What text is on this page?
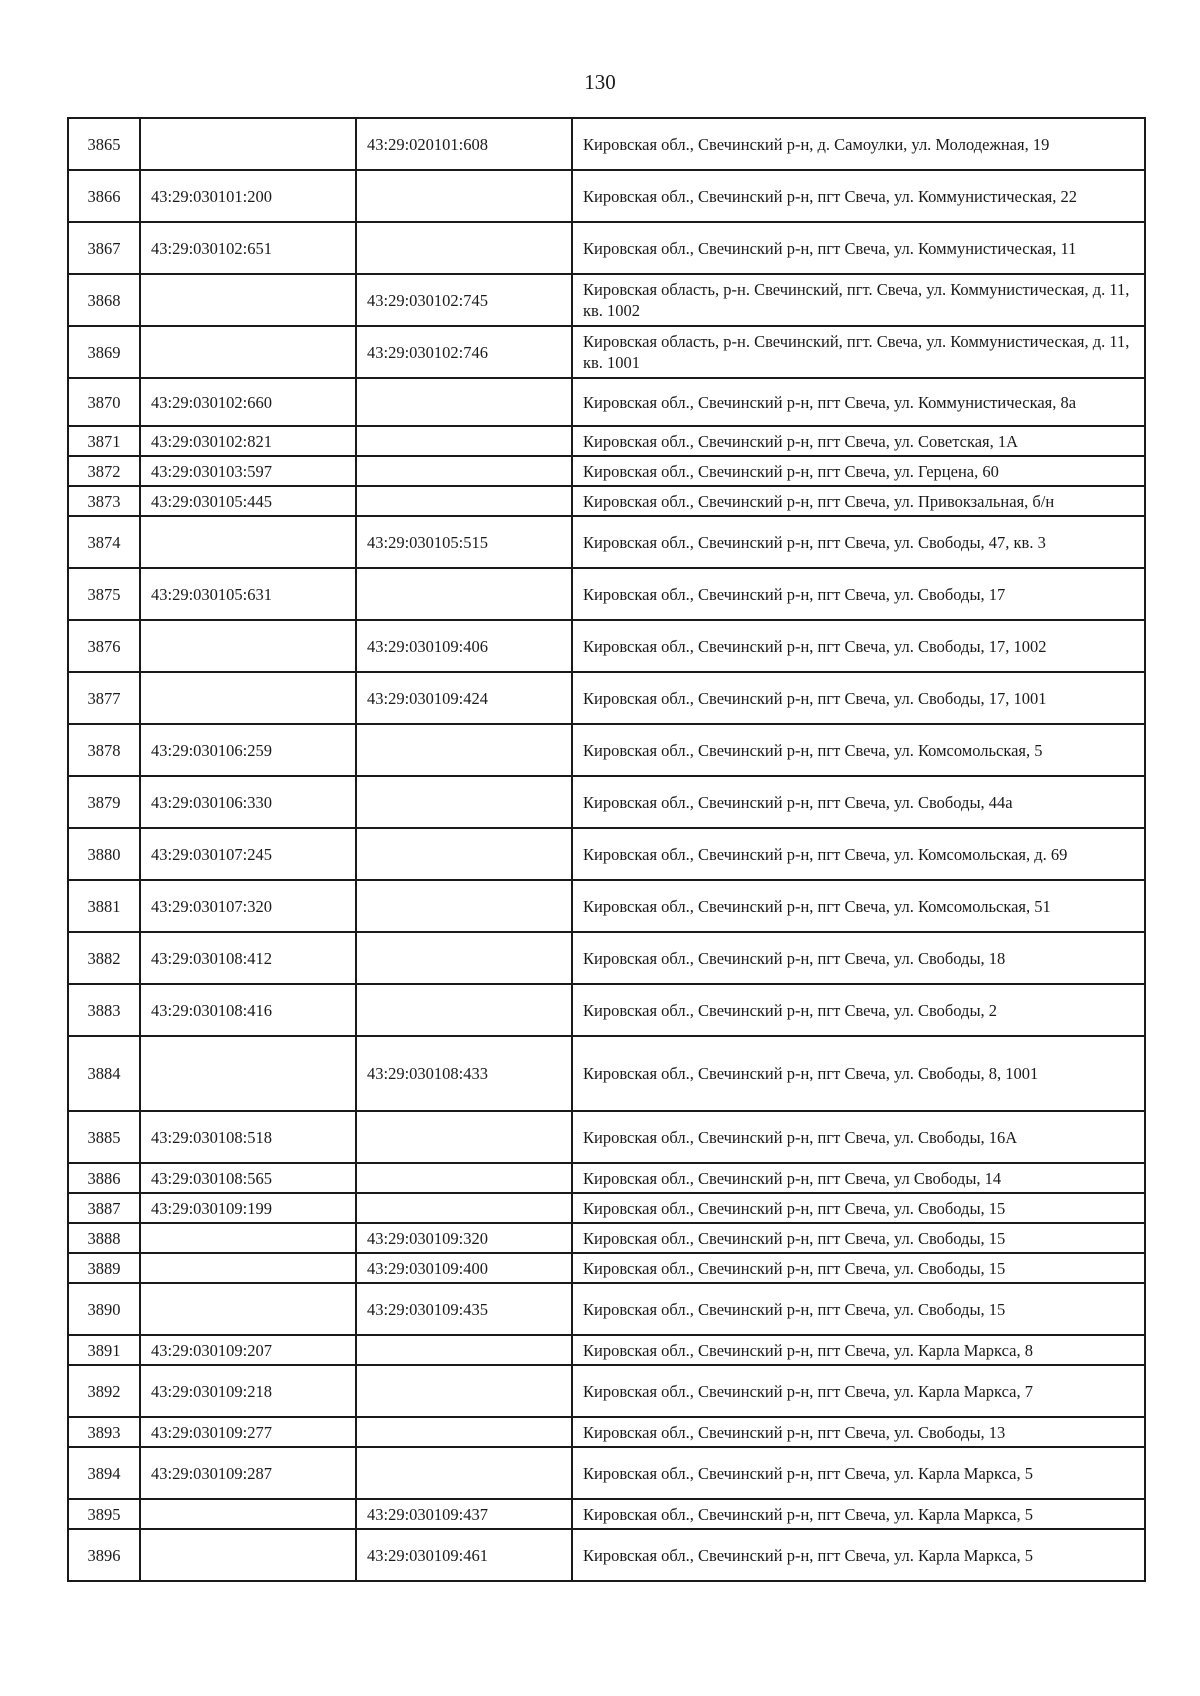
130
3865		43:29:020101:608	Кировская обл., Свечинский р-н, д. Самоулки, ул. Молодежная, 19
3866	43:29:030101:200		Кировская обл., Свечинский р-н, пгт Свеча, ул. Коммунистическая, 22
3867	43:29:030102:651		Кировская обл., Свечинский р-н, пгт Свеча, ул. Коммунистическая, 11
3868		43:29:030102:745	Кировская область, р-н. Свечинский, пгт. Свеча, ул. Коммунистическая, д. 11, кв. 1002
3869		43:29:030102:746	Кировская область, р-н. Свечинский, пгт. Свеча, ул. Коммунистическая, д. 11, кв. 1001
3870	43:29:030102:660		Кировская обл., Свечинский р-н, пгт Свеча, ул. Коммунистическая, 8а
3871	43:29:030102:821		Кировская обл., Свечинский р-н, пгт Свеча, ул. Советская, 1А
3872	43:29:030103:597		Кировская обл., Свечинский р-н, пгт Свеча, ул. Герцена, 60
3873	43:29:030105:445		Кировская обл., Свечинский р-н, пгт Свеча, ул. Привокзальная, б/н
3874		43:29:030105:515	Кировская обл., Свечинский р-н, пгт Свеча, ул. Свободы, 47, кв. 3
3875	43:29:030105:631		Кировская обл., Свечинский р-н, пгт Свеча, ул. Свободы, 17
3876		43:29:030109:406	Кировская обл., Свечинский р-н, пгт Свеча, ул. Свободы, 17, 1002
3877		43:29:030109:424	Кировская обл., Свечинский р-н, пгт Свеча, ул. Свободы, 17, 1001
3878	43:29:030106:259		Кировская обл., Свечинский р-н, пгт Свеча, ул. Комсомольская, 5
3879	43:29:030106:330		Кировская обл., Свечинский р-н, пгт Свеча, ул. Свободы, 44а
3880	43:29:030107:245		Кировская обл., Свечинский р-н, пгт Свеча, ул. Комсомольская, д. 69
3881	43:29:030107:320		Кировская обл., Свечинский р-н, пгт Свеча, ул. Комсомольская, 51
3882	43:29:030108:412		Кировская обл., Свечинский р-н, пгт Свеча, ул. Свободы, 18
3883	43:29:030108:416		Кировская обл., Свечинский р-н, пгт Свеча, ул. Свободы, 2
3884		43:29:030108:433	Кировская обл., Свечинский р-н, пгт Свеча, ул. Свободы, 8, 1001
3885	43:29:030108:518		Кировская обл., Свечинский р-н, пгт Свеча, ул. Свободы, 16А
3886	43:29:030108:565		Кировская обл., Свечинский р-н, пгт Свеча, ул Свободы, 14
3887	43:29:030109:199		Кировская обл., Свечинский р-н, пгт Свеча, ул. Свободы, 15
3888		43:29:030109:320	Кировская обл., Свечинский р-н, пгт Свеча, ул. Свободы, 15
3889		43:29:030109:400	Кировская обл., Свечинский р-н, пгт Свеча, ул. Свободы, 15
3890		43:29:030109:435	Кировская обл., Свечинский р-н, пгт Свеча, ул. Свободы, 15
3891	43:29:030109:207		Кировская обл., Свечинский р-н, пгт Свеча, ул. Карла Маркса, 8
3892	43:29:030109:218		Кировская обл., Свечинский р-н, пгт Свеча, ул. Карла Маркса, 7
3893	43:29:030109:277		Кировская обл., Свечинский р-н, пгт Свеча, ул. Свободы, 13
3894	43:29:030109:287		Кировская обл., Свечинский р-н, пгт Свеча, ул. Карла Маркса, 5
3895		43:29:030109:437	Кировская обл., Свечинский р-н, пгт Свеча, ул. Карла Маркса, 5
3896		43:29:030109:461	Кировская обл., Свечинский р-н, пгт Свеча, ул. Карла Маркса, 5
